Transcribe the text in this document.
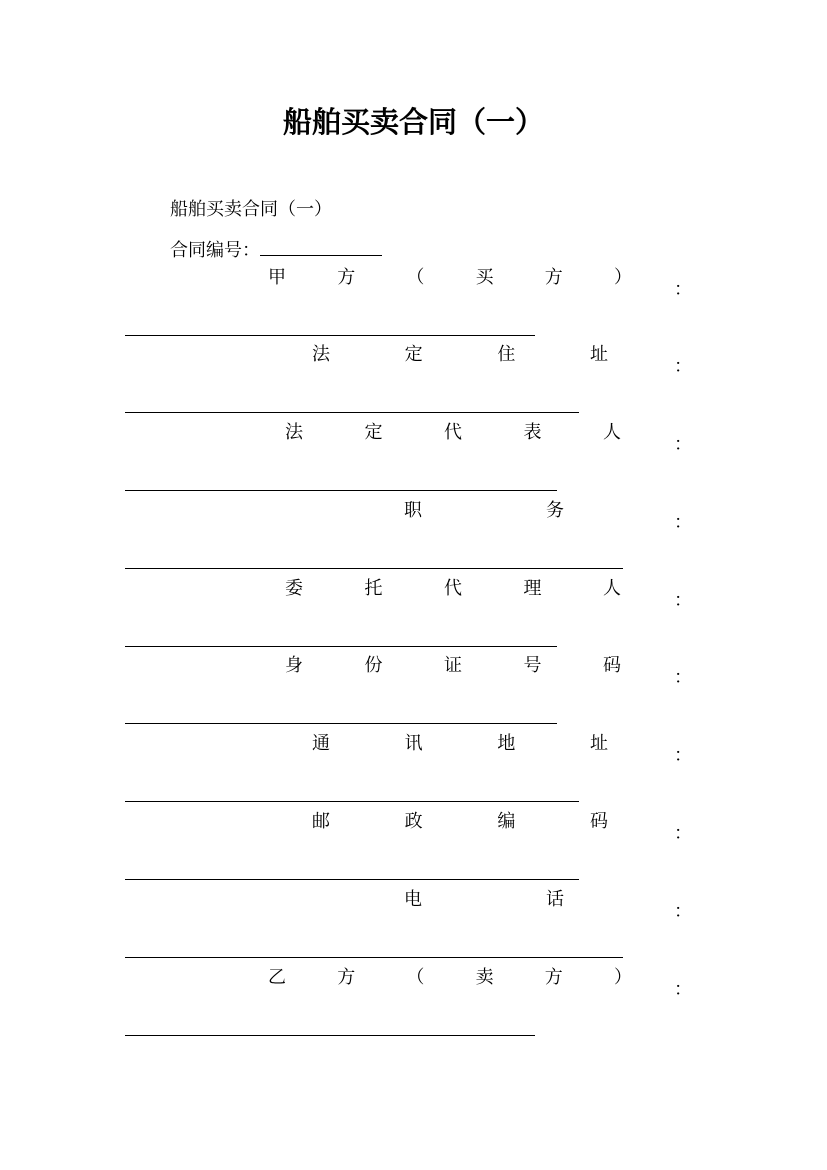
船舶买卖合同（一）
船舶买卖合同（一）
合同编号：
甲	方	（	买	方	）
：
法	定	住	址
：
法	定	代	表	人
：
职	务
：
委	托	代	理	人
：
身	份	证	号	码
：
通	讯	地	址
：
邮	政	编	码
：
电	话
：
乙	方	（	卖	方	）
：
